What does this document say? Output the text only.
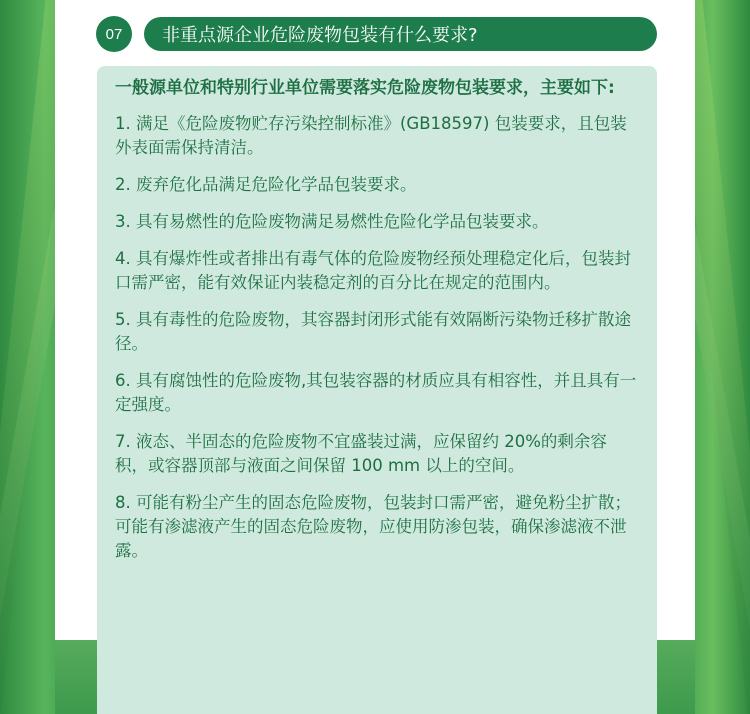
07	非重点源企业危险废物包装有什么要求?

一般源单位和特别行业单位需要落实危险废物包装要求，主要如下:

1. 满足《危险废物贮存污染控制标准》(GB18597) 包装要求，且包装外表面需保持清洁。

2. 废弃危化品满足危险化学品包装要求。

3. 具有易燃性的危险废物满足易燃性危险化学品包装要求。

4. 具有爆炸性或者排出有毒气体的危险废物经预处理稳定化后，包装封口需严密，能有效保证内装稳定剂的百分比在规定的范围内。

5. 具有毒性的危险废物，其容器封闭形式能有效隔断污染物迁移扩散途径。

6. 具有腐蚀性的危险废物,其包装容器的材质应具有相容性，并且具有一定强度。

7. 液态、半固态的危险废物不宜盛装过满，应保留约 20%的剩余容积，或容器顶部与液面之间保留 100 mm 以上的空间。

8. 可能有粉尘产生的固态危险废物，包装封口需严密，避免粉尘扩散；可能有渗滤液产生的固态危险废物，应使用防渗包装，确保渗滤液不泄露。
